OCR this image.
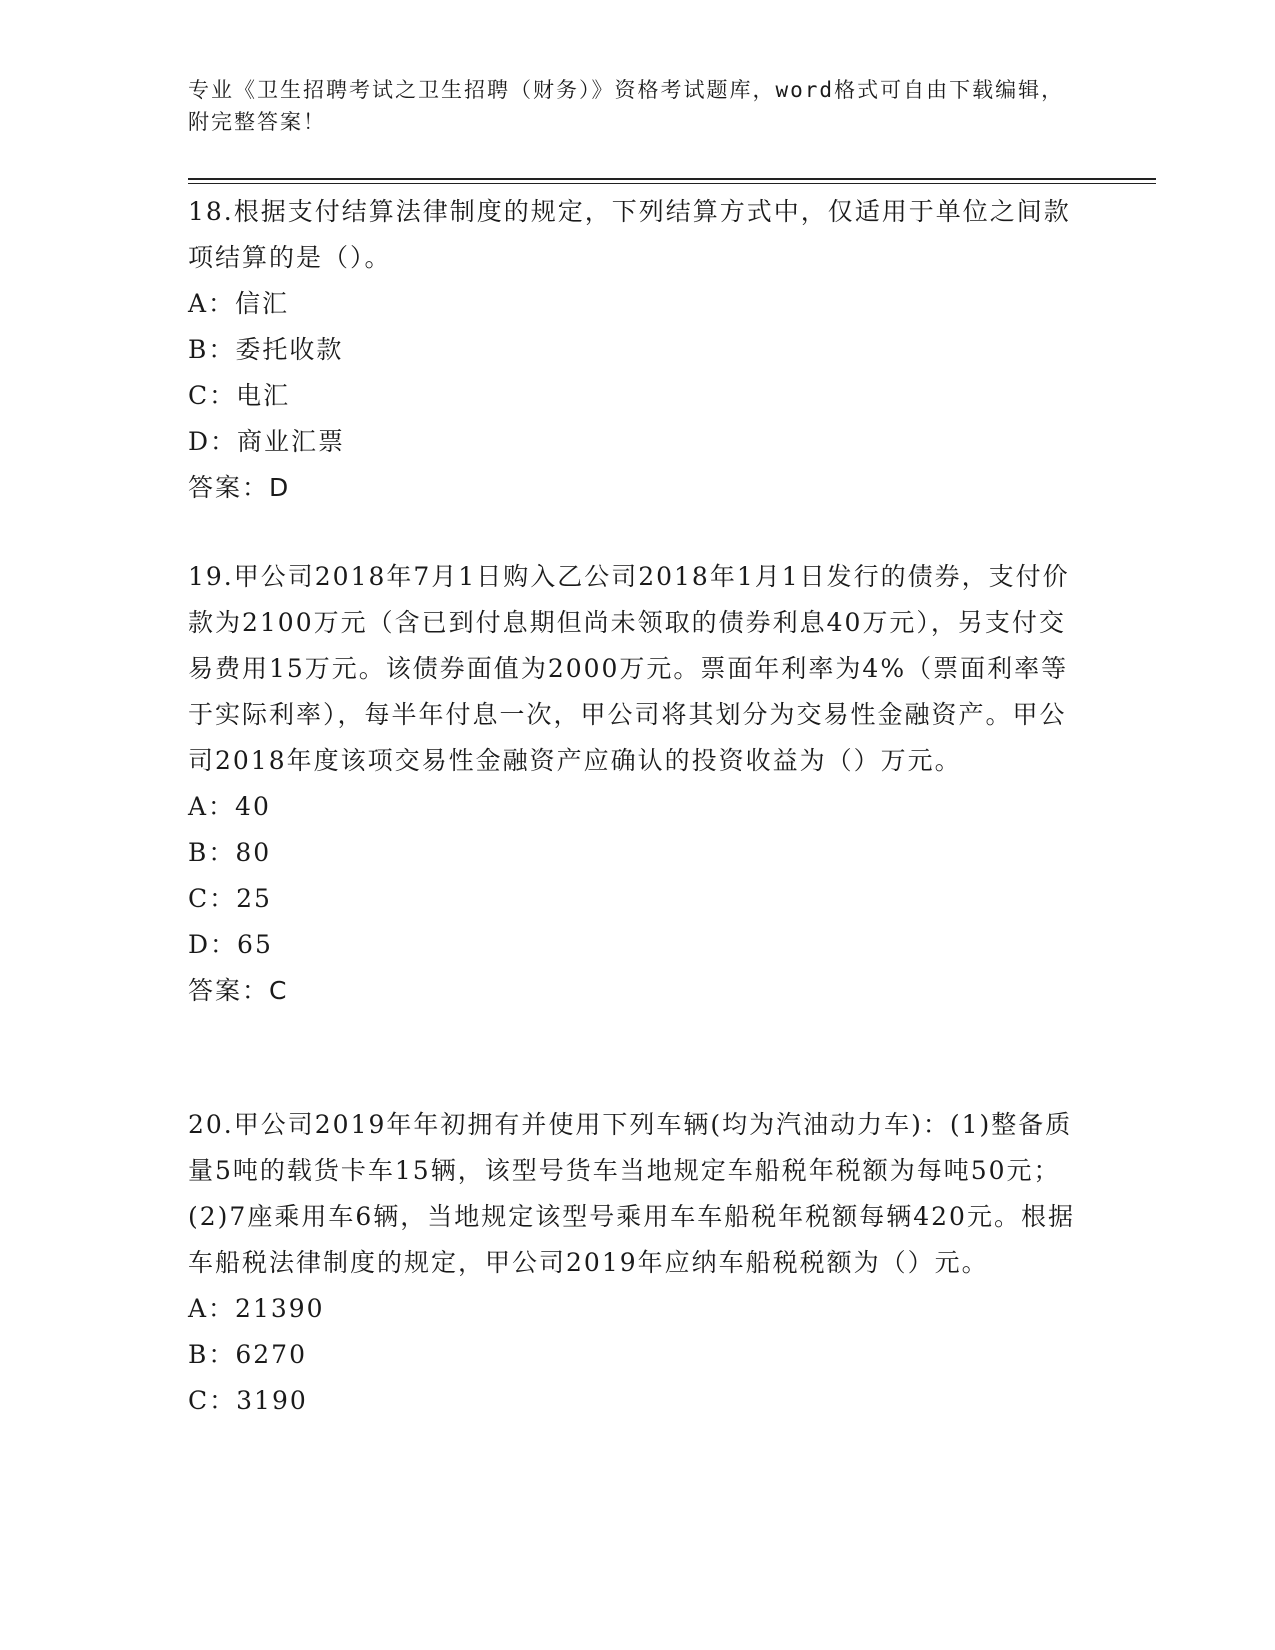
专业《卫生招聘考试之卫生招聘（财务）》资格考试题库，word格式可自由下载编辑，附完整答案！
18.根据支付结算法律制度的规定，下列结算方式中，仅适用于单位之间款项结算的是（）。
A：信汇
B：委托收款
C：电汇
D：商业汇票
答案：D
19.甲公司2018年7月1日购入乙公司2018年1月1日发行的债券，支付价款为2100万元（含已到付息期但尚未领取的债券利息40万元），另支付交易费用15万元。该债券面值为2000万元。票面年利率为4%（票面利率等于实际利率），每半年付息一次，甲公司将其划分为交易性金融资产。甲公司2018年度该项交易性金融资产应确认的投资收益为（）万元。
A：40
B：80
C：25
D：65
答案：C
20.甲公司2019年年初拥有并使用下列车辆(均为汽油动力车)：(1)整备质量5吨的载货卡车15辆，该型号货车当地规定车船税年税额为每吨50元；(2)7座乘用车6辆，当地规定该型号乘用车车船税年税额每辆420元。根据车船税法律制度的规定，甲公司2019年应纳车船税税额为（）元。
A：21390
B：6270
C：3190
